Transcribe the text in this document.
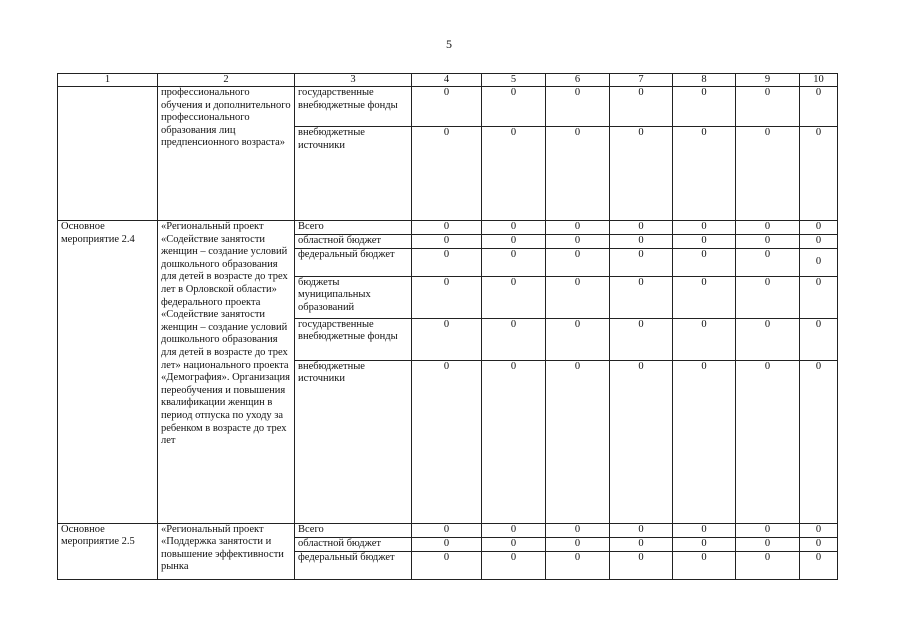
5
1	2	3	4	5	6	7	8	9	10
	профессионального обучения и дополнительного профессионального образования лиц предпенсионного возраста»	государственные внебюджетные фонды	0	0	0	0	0	0	0
		внебюджетные источники	0	0	0	0	0	0	0
Основное мероприятие 2.4	«Региональный проект «Содействие занятости женщин – создание условий дошкольного образования для детей в возрасте до трех лет в Орловской области» федерального проекта «Содействие занятости женщин – создание условий дошкольного образования для детей в возрасте до трех лет» национального проекта «Демография». Организация переобучения и повышения квалификации женщин в период отпуска по уходу за ребенком в возрасте до трех лет	Всего	0	0	0	0	0	0	0
		областной бюджет	0	0	0	0	0	0	0
		федеральный бюджет	0	0	0	0	0	0	0
		бюджеты муниципальных образований	0	0	0	0	0	0	0
		государственные внебюджетные фонды	0	0	0	0	0	0	0
		внебюджетные источники	0	0	0	0	0	0	0
Основное мероприятие 2.5	«Региональный проект «Поддержка занятости и повышение эффективности рынка	Всего	0	0	0	0	0	0	0
		областной бюджет	0	0	0	0	0	0	0
		федеральный бюджет	0	0	0	0	0	0	0
